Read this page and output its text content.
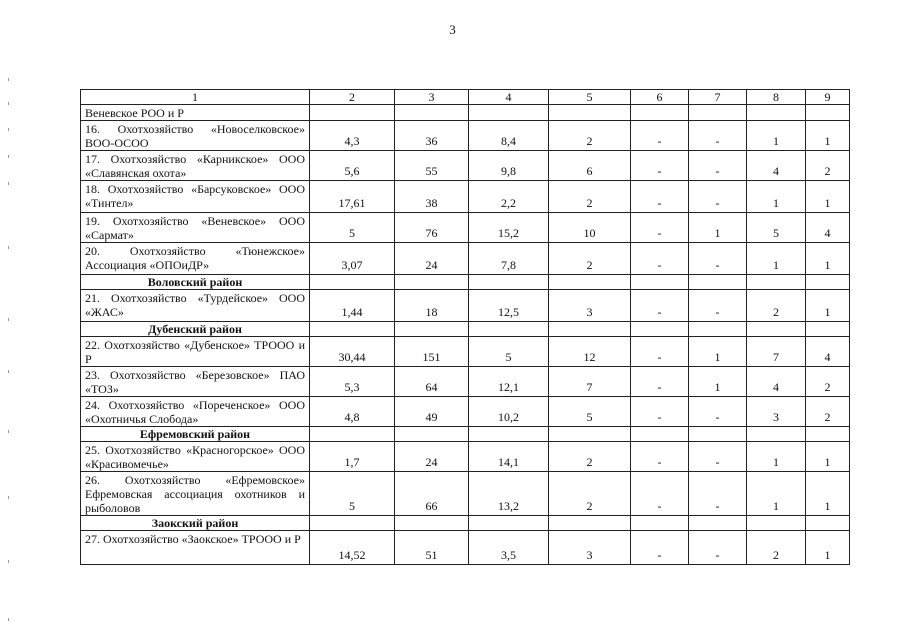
3
1	2	3	4	5	6	7	8	9
Веневское РОО и Р								
16. Охотхозяйство «Новоселковское» ВОО-ОСОО	4,3	36	8,4	2	-	-	1	1
17. Охотхозяйство «Карникское» ООО «Славянская охота»	5,6	55	9,8	6	-	-	4	2
18. Охотхозяйство «Барсуковское» ООО «Тинтел»	17,61	38	2,2	2	-	-	1	1
19. Охотхозяйство «Веневское» ООО «Сармат»	5	76	15,2	10	-	1	5	4
20. Охотхозяйство «Тюнежское» Ассоциация «ОПОиДР»	3,07	24	7,8	2	-	-	1	1
Воловский район								
21. Охотхозяйство «Турдейское» ООО «ЖАС»	1,44	18	12,5	3	-	-	2	1
Дубенский район								
22. Охотхозяйство «Дубенское» ТРОOO и Р	30,44	151	5	12	-	1	7	4
23. Охотхозяйство «Березовское» ПАО «ТОЗ»	5,3	64	12,1	7	-	1	4	2
24. Охотхозяйство «Пореченское» ООО «Охотничья Слобода»	4,8	49	10,2	5	-	-	3	2
Ефремовский район								
25. Охотхозяйство «Красногорское» ООО «Красивомечье»	1,7	24	14,1	2	-	-	1	1
26. Охотхозяйство «Ефремовское» Ефремовская ассоциация охотников и рыболовов	5	66	13,2	2	-	-	1	1
Заокский район								
27. Охотхозяйство «Заокское» ТРОOO и Р	14,52	51	3,5	3	-	-	2	1
